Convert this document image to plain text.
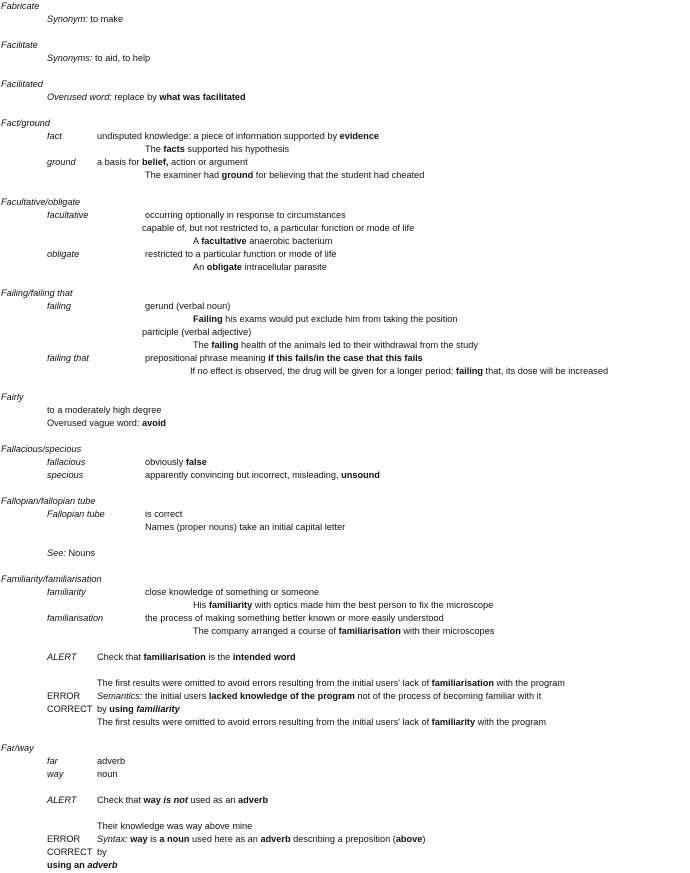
Fabricate
Synonym: to make
Facilitate
Synonyms: to aid, to help
Facilitated
Overused word: replace by what was facilitated
Fact/ground
fact	undisputed knowledge: a piece of information supported by evidence
The facts supported his hypothesis
ground a basis for belief, action or argument
The examiner had ground for believing that the student had cheated
Facultative/obligate
facultative	occurring optionally in response to circumstances
capable of, but not restricted to, a particular function or mode of life
A facultative anaerobic bacterium
obligate	restricted to a particular function or mode of life
An obligate intracellular parasite
Failing/failing that
failing	gerund (verbal noun)
Failing his exams would put exclude him from taking the position
participle (verbal adjective)
The failing health of the animals led to their withdrawal from the study
failing that	prepositional phrase meaning if this fails/in the case that this fails
If no effect is observed, the drug will be given for a longer period; failing that, its dose will be increased
Fairly
to a moderately high degree
Overused vague word: avoid
Fallacious/specious
fallacious	obviously false
specious	apparently convincing but incorrect, misleading, unsound
Fallopian/fallopian tube
Fallopian tube	is correct
Names (proper nouns) take an initial capital letter
See: Nouns
Familiarity/familiarisation
familiarity	close knowledge of something or someone
His familiarity with optics made him the best person to fix the microscope
familiarisation	the process of making something better known or more easily understood
The company arranged a course of familiarisation with their microscopes
ALERT Check that familiarisation is the intended word
The first results were omitted to avoid errors resulting from the initial users' lack of familiarisation with the program
ERROR Semantics: the initial users lacked knowledge of the program not of the process of becoming familiar with it
CORRECT by using familiarity
The first results were omitted to avoid errors resulting from the initial users' lack of familiarity with the program
Far/way
far	adverb
way	noun
ALERT Check that way is not used as an adverb
Their knowledge was way above mine
ERROR Syntax: way is a noun used here as an adverb describing a preposition (above)
CORRECT by
using an adverb
